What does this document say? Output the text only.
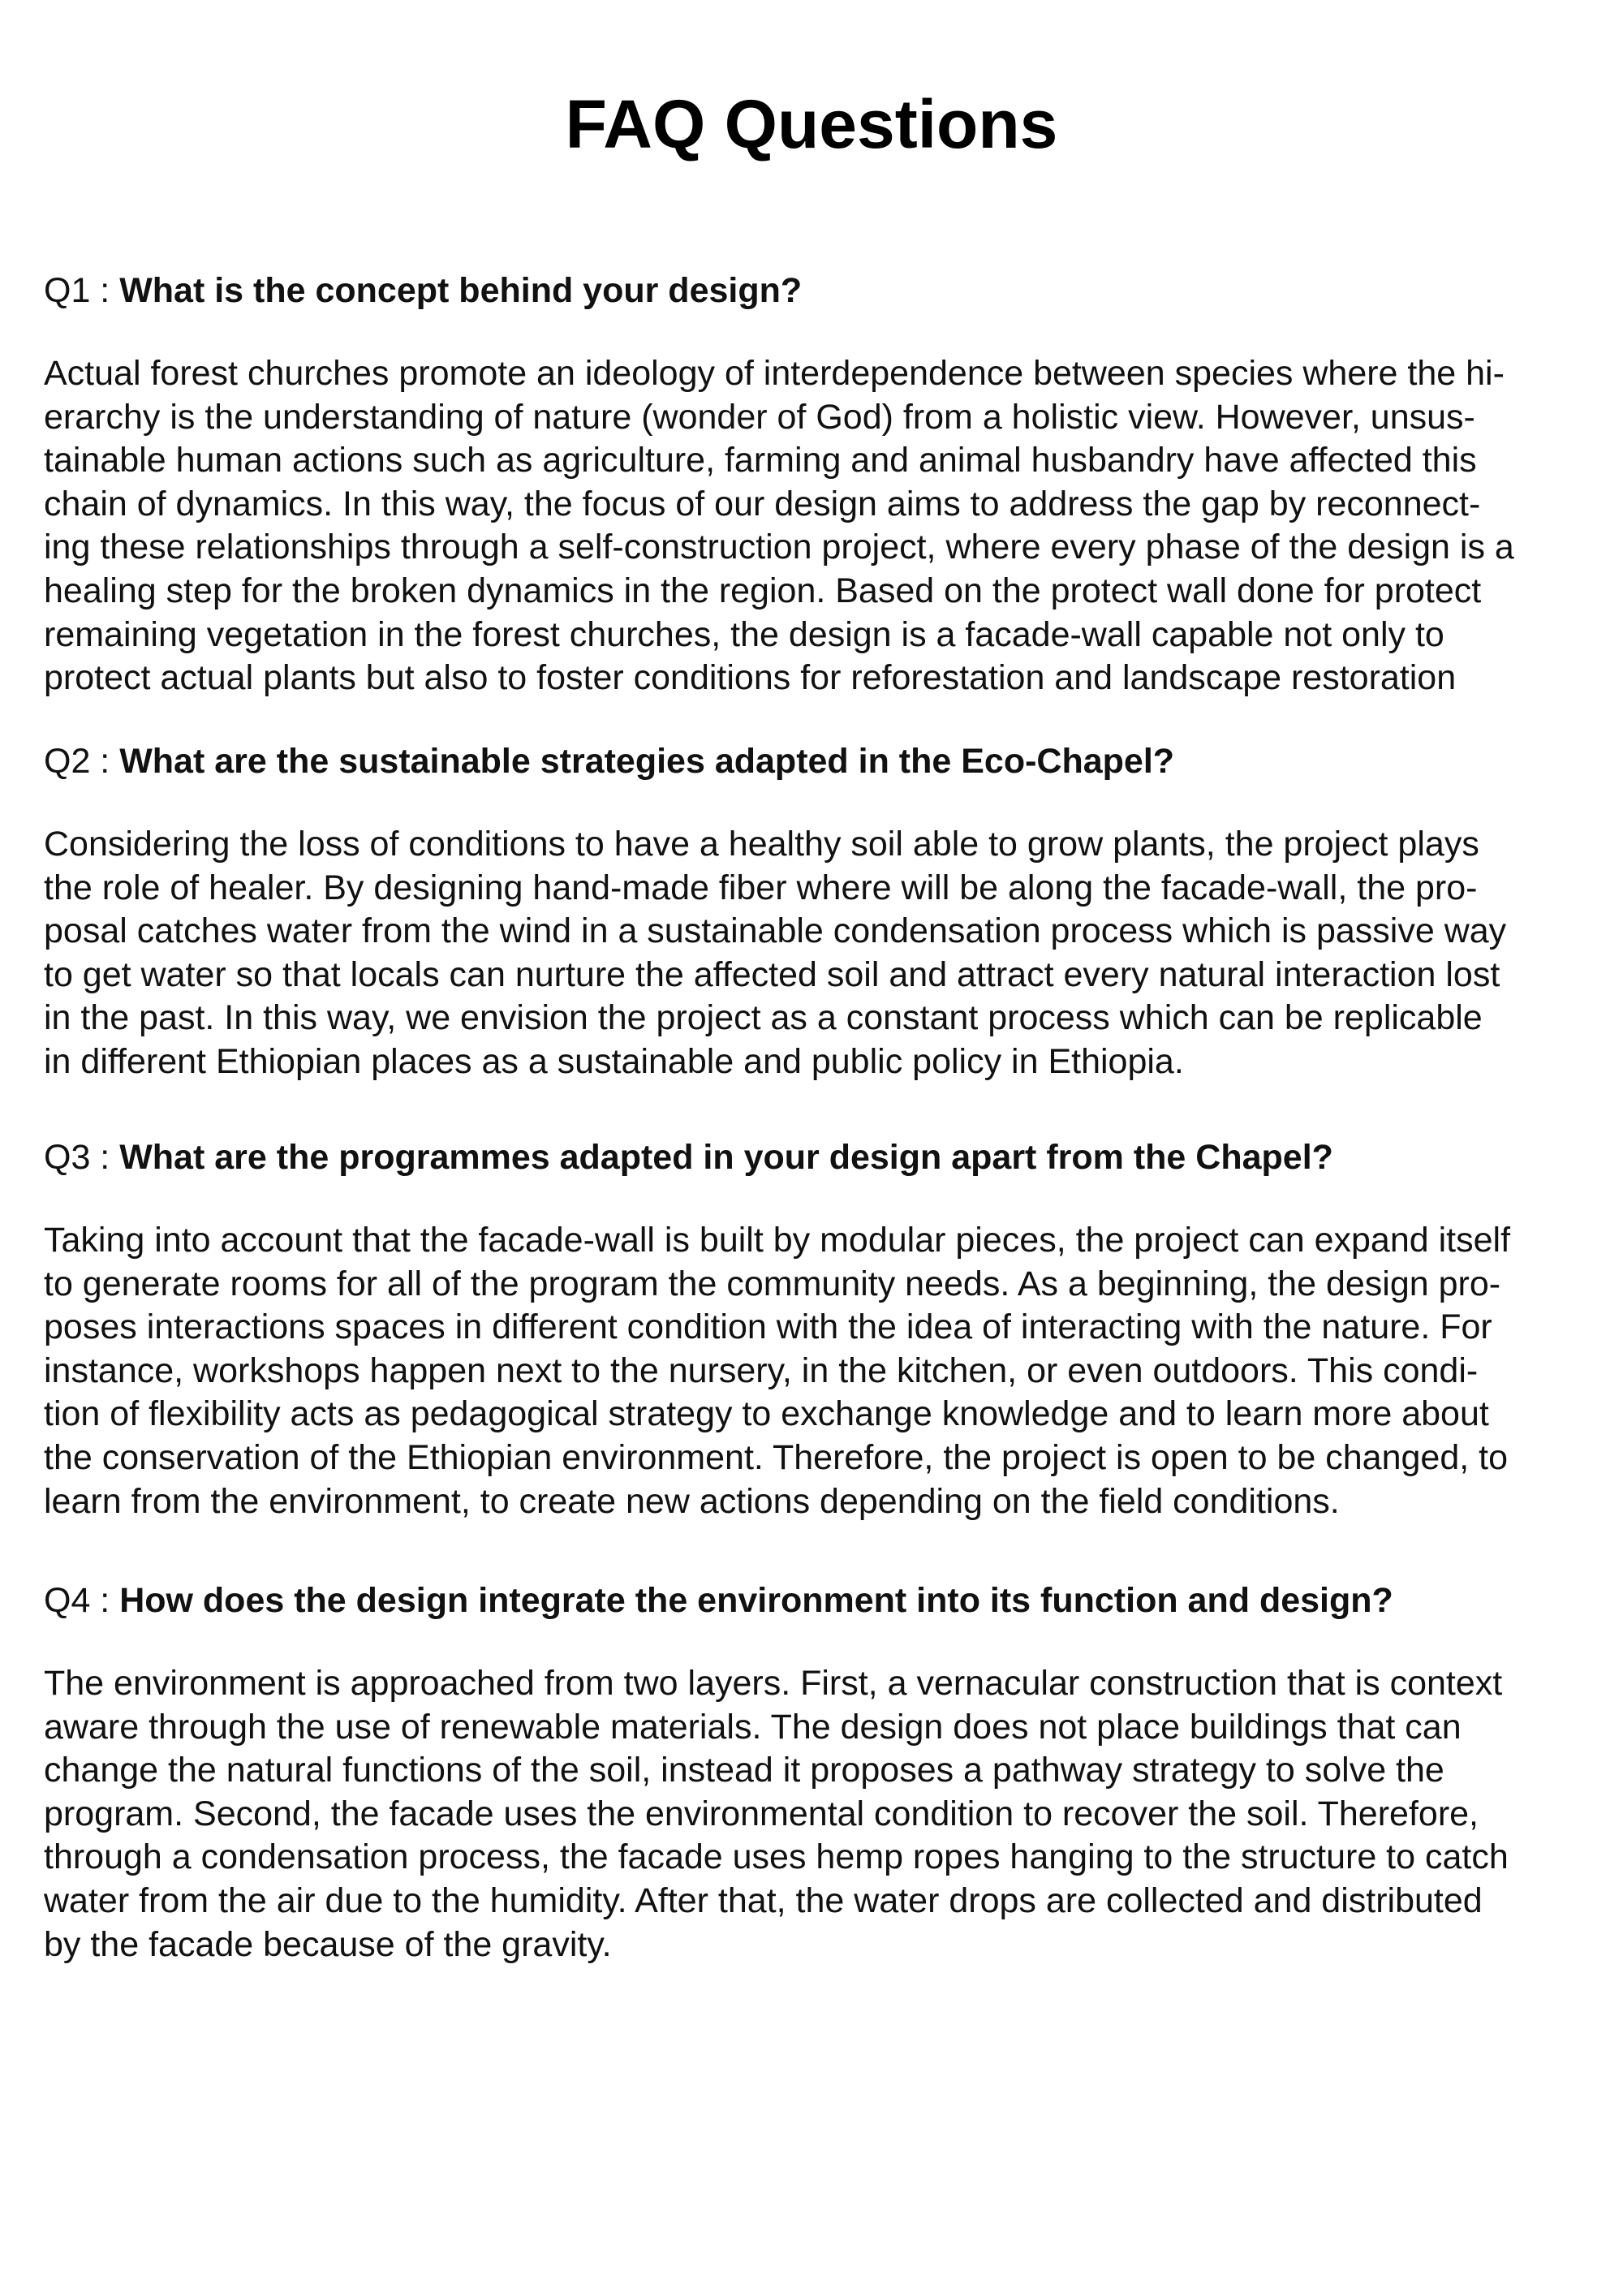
FAQ Questions

Q1 : What is the concept behind your design?

Actual forest churches promote an ideology of interdependence between species where the hi-
erarchy is the understanding of nature (wonder of God) from a holistic view. However, unsus-
tainable human actions such as agriculture, farming and animal husbandry have affected this
chain of dynamics. In this way, the focus of our design aims to address the gap by reconnect-
ing these relationships through a self-construction project, where every phase of the design is a
healing step for the broken dynamics in the region. Based on the protect wall done for protect
remaining vegetation in the forest churches, the design is a facade-wall capable not only to
protect actual plants but also to foster conditions for reforestation and landscape restoration

Q2 : What are the sustainable strategies adapted in the Eco-Chapel?

Considering the loss of conditions to have a healthy soil able to grow plants, the project plays
the role of healer. By designing hand-made fiber where will be along the facade-wall, the pro-
posal catches water from the wind in a sustainable condensation process which is passive way
to get water so that locals can nurture the affected soil and attract every natural interaction lost
in the past. In this way, we envision the project as a constant process which can be replicable
in different Ethiopian places as a sustainable and public policy in Ethiopia.

Q3 : What are the programmes adapted in your design apart from the Chapel?

Taking into account that the facade-wall is built by modular pieces, the project can expand itself
to generate rooms for all of the program the community needs. As a beginning, the design pro-
poses interactions spaces in different condition with the idea of interacting with the nature. For
instance, workshops happen next to the nursery, in the kitchen, or even outdoors. This condi-
tion of flexibility acts as pedagogical strategy to exchange knowledge and to learn more about
the conservation of the Ethiopian environment. Therefore, the project is open to be changed, to
learn from the environment, to create new actions depending on the field conditions.

Q4 : How does the design integrate the environment into its function and design?

The environment is approached from two layers. First, a vernacular construction that is context
aware through the use of renewable materials. The design does not place buildings that can
change the natural functions of the soil, instead it proposes a pathway strategy to solve the
program. Second, the facade uses the environmental condition to recover the soil. Therefore,
through a condensation process, the facade uses hemp ropes hanging to the structure to catch
water from the air due to the humidity. After that, the water drops are collected and distributed
by the facade because of the gravity.
